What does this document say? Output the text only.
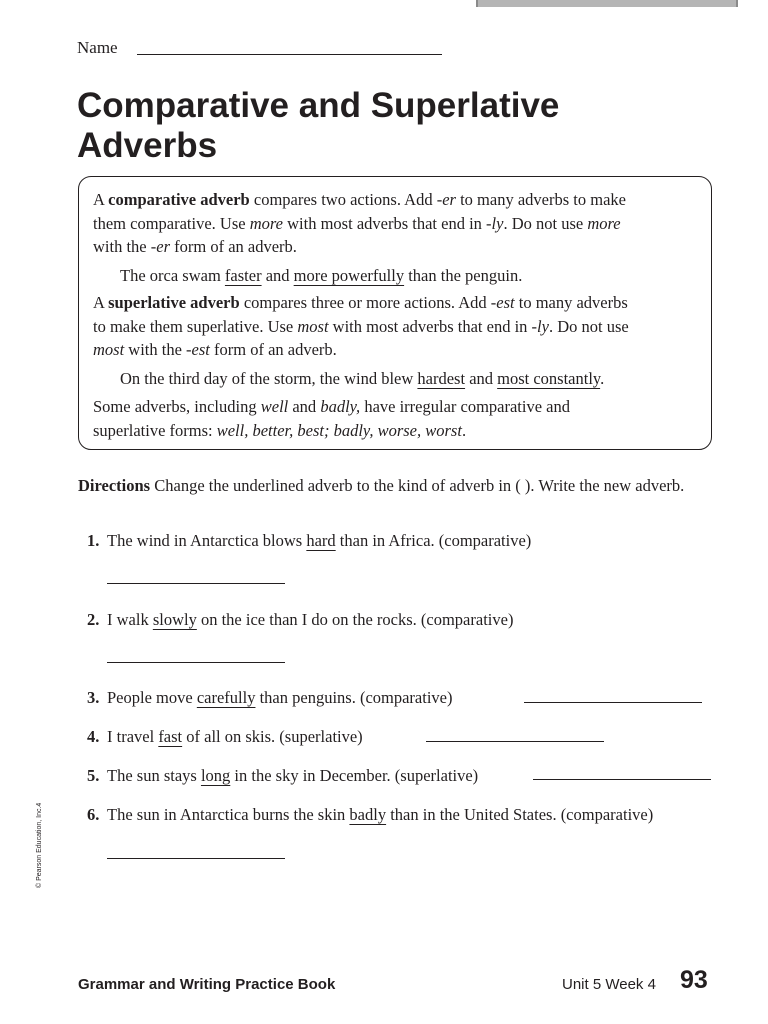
Name
Comparative and Superlative
Adverbs
A comparative adverb compares two actions. Add -er to many adverbs to make
them comparative. Use more with most adverbs that end in -ly. Do not use more
with the -er form of an adverb.
The orca swam faster and more powerfully than the penguin.
A superlative adverb compares three or more actions. Add -est to many adverbs
to make them superlative. Use most with most adverbs that end in -ly. Do not use
most with the -est form of an adverb.
On the third day of the storm, the wind blew hardest and most constantly.
Some adverbs, including well and badly, have irregular comparative and
superlative forms: well, better, best; badly, worse, worst.
Directions Change the underlined adverb to the kind of adverb in ( ). Write the new adverb.
1. The wind in Antarctica blows hard than in Africa. (comparative)
2. I walk slowly on the ice than I do on the rocks. (comparative)
3. People move carefully than penguins. (comparative)
4. I travel fast of all on skis. (superlative)
5. The sun stays long in the sky in December. (superlative)
6. The sun in Antarctica burns the skin badly than in the United States. (comparative)
© Pearson Education, Inc.4
Grammar and Writing Practice Book	Unit 5 Week 4 93
